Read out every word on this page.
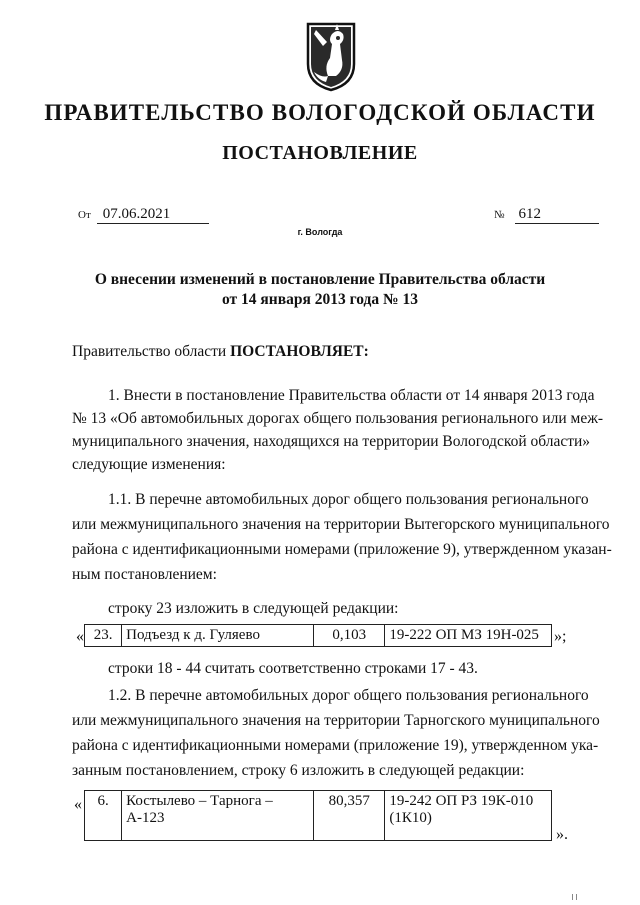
ПРАВИТЕЛЬСТВО ВОЛОГОДСКОЙ ОБЛАСТИ
ПОСТАНОВЛЕНИЕ
От 07.06.2021	№ 612
г. Вологда
О внесении изменений в постановление Правительства области
от 14 января 2013 года № 13
Правительство области ПОСТАНОВЛЯЕТ:
1. Внести в постановление Правительства области от 14 января 2013 года
№ 13 «Об автомобильных дорогах общего пользования регионального или меж-
муниципального значения, находящихся на территории Вологодской области»
следующие изменения:
1.1. В перечне автомобильных дорог общего пользования регионального
или межмуниципального значения на территории Вытегорского муниципального
района с идентификационными номерами (приложение 9), утвержденном указан-
ным постановлением:
строку 23 изложить в следующей редакции:
« 23.	Подъезд к д. Гуляево	0,103	19-222 ОП МЗ 19Н-025 »;
строки 18 - 44 считать соответственно строками 17 - 43.
1.2. В перечне автомобильных дорог общего пользования регионального
или межмуниципального значения на территории Тарногского муниципального
района с идентификационными номерами (приложение 19), утвержденном ука-
занным постановлением, строку 6 изложить в следующей редакции:
« 6.	Костылево – Тарнога –
А-123
	80,357	19-242 ОП РЗ 19К-010
(1К10)
».
